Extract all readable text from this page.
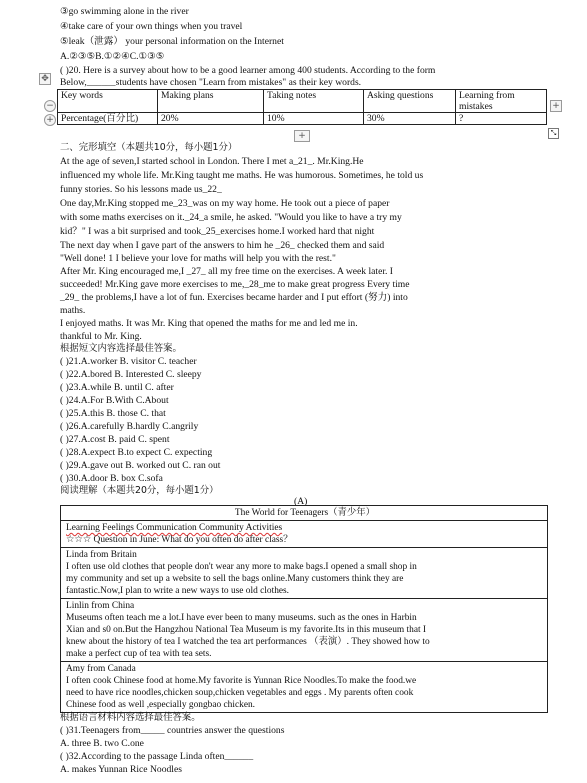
③go swimming alone in the river
④take care of your own things when you travel
⑤leak（泄露） your personal information on the Internet
A.②③⑤B.①②④C.①③⑤
( )20. Here is a survey about how to be a good learner among 400 students. According to the form
Below,______students have chosen "Learn from mistakes" as their key words.
✥
−
+
+
+	⤡
Key words	Making plans	Taking notes	Asking questions	Learning from mistakes
Percentage(百分比)	20%	10%	30%	?
二、完形填空（本题共10分，每小题1分）
At the age of seven,I started school in London. There I met a_21_. Mr.King.He
influenced my whole life. Mr.King taught me maths. He was humorous. Sometimes, he told us
funny stories. So his lessons made us_22_
One day,Mr.King stopped me_23_was on my way home. He took out a piece of paper
with some maths exercises on it._24_a smile, he asked. "Would you like to have a try my
kid？" I was a bit surprised and took_25_exercises home.I worked hard that night
The next day when I gave part of the answers to him he _26_ checked them and said
"Well done! 1 I believe your love for maths will help you with the rest."
After Mr. King encouraged me,I _27_ all my free time on the exercises. A week later. I
succeeded! Mr.King gave more exercises to me,_28_me to make great progress Every time
_29_ the problems,I have a lot of fun. Exercises became harder and I put effort (努力) into
maths.
I enjoyed maths. It was Mr. King that opened the maths for me and led me in.
thankful to Mr. King.
根据短文内容选择最佳答案。
( )21.A.worker B. visitor C. teacher
( )22.A.bored B. Interested C. sleepy
( )23.A.while B. until C. after
( )24.A.For B.With C.About
( )25.A.this B. those C. that
( )26.A.carefully B.hardly C.angrily
( )27.A.cost B. paid C. spent
( )28.A.expect B.to expect C. expecting
( )29.A.gave out B. worked out C. ran out
( )30.A.door B. box C.sofa
阅读理解（本题共20分，每小题1分）
(A)
The World for Teenagers（青少年）

Learning Feelings Communication Community Activities
☆☆☆ Question in June: What do you often do after class？

Linda from Britain
I often use old clothes that people don't wear any more to make bags.I opened a small shop in
my community and set up a website to sell the bags online.Many customers think they are
fantastic.Now,I plan to write a new ways to use old clothes.

Linlin from China
Museums often teach me a lot.I have ever been to many museums. such as the ones in Harbin
Xian and s0 on.But the Hangzhou National Tea Museum is my favorite.Its in this museum that I
knew about the history of tea I watched the tea art performances （表演）. They showed how to
make a perfect cup of tea with tea sets.

Amy from Canada
I often cook Chinese food at home.My favorite is Yunnan Rice Noodles.To make the food.we
need to have rice noodles,chicken soup,chicken vegetables and eggs . My parents often cook
Chinese food as well ,especially gongbao chicken.
根据语言材料内容选择最佳答案。
( )31.Teenagers from_____ countries answer the questions
A. three B. two C.one
( )32.According to the passage Linda often______
A. makes Yunnan Rice Noodles
